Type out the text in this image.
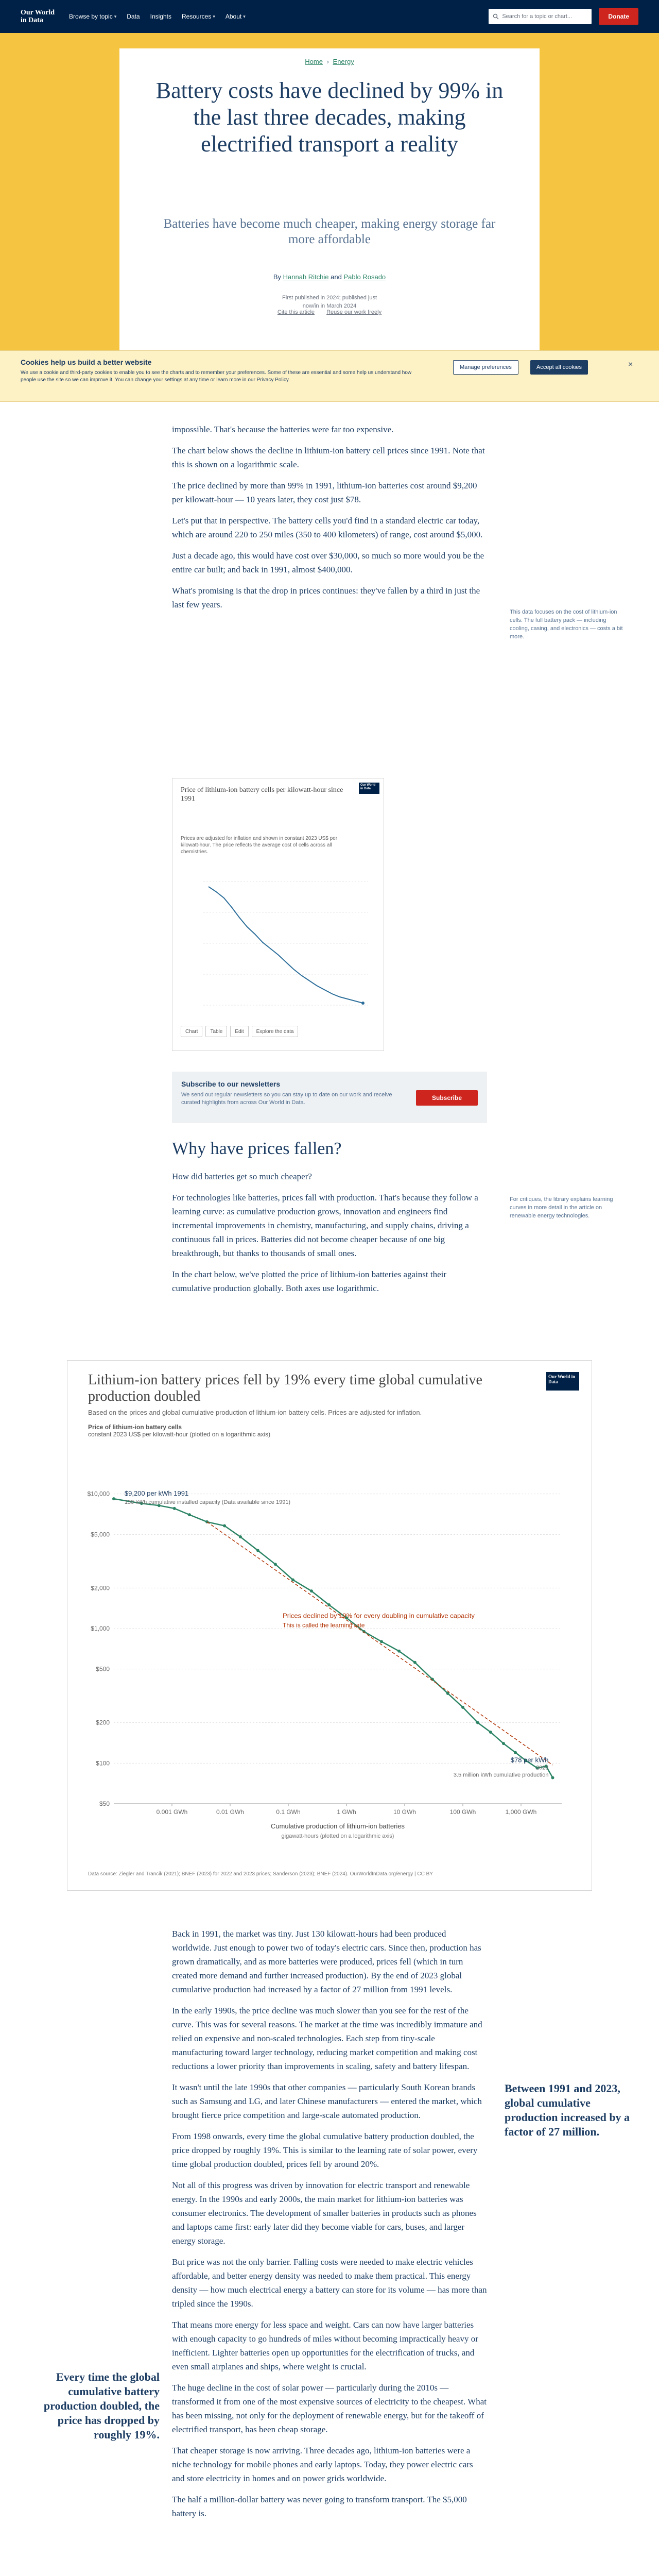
Our World
in Data	Browse by topic ▾ Data Insights Resources ▾ About ▾	Search for a topic or chart...	Donate
Home › Energy
Battery costs have declined by 99% in the last three decades, making electrified transport a reality
Batteries have become much cheaper, making energy storage far more affordable
By Hannah Ritchie and Pablo Rosado
First published in 2024; published just
now/in in March 2024
Cite this article Reuse our work freely
Cookies help us build a better website

We use a cookie and third-party cookies to enable you to see the charts and to remember your preferences. Some of these are essential and some help us understand how people use the site so we can improve it. You can change your settings at any time or learn more in our Privacy Policy.

Manage preferences	Accept all cookies	×

impossible. That's because the batteries were far too expensive.

The chart below shows the decline in lithium-ion battery cell prices since 1991. Note that this is shown on a logarithmic scale.

The price declined by more than 99% in 1991, lithium-ion batteries cost around $9,200 per kilowatt-hour — 10 years later, they cost just $78.

Let's put that in perspective. The battery cells you'd find in a standard electric car today, which are around 220 to 250 miles (350 to 400 kilometers) of range, cost around $5,000.

Just a decade ago, this would have cost over $30,000, so much so more would you be the entire car built; and back in 1991, almost $400,000.

What's promising is that the drop in prices continues: they've fallen by a third in just the last few years.

This data focuses on the cost of lithium-ion cells. The full battery pack — including cooling, casing, and electronics — costs a bit more.
Our World in Data
Price of lithium-ion battery cells per kilowatt-hour since 1991
Prices are adjusted for inflation and shown in constant 2023 US$ per kilowatt-hour. The price reflects the average cost of cells across all chemistries.
Chart	Table	Edit	Explore the data
Subscribe to our newsletters

We send out regular newsletters so you can stay up to date on our work and receive curated highlights from across Our World in Data.

Subscribe
Why have prices fallen?

How did batteries get so much cheaper?

For technologies like batteries, prices fall with production. That's because they follow a learning curve: as cumulative production grows, innovation and engineers find incremental improvements in chemistry, manufacturing, and supply chains, driving a continuous fall in prices. Batteries did not become cheaper because of one big breakthrough, but thanks to thousands of small ones.

In the chart below, we've plotted the price of lithium-ion batteries against their cumulative production globally. Both axes use logarithmic.

For critiques, the library explains learning curves in more detail in the article on renewable energy technologies.
Lithium-ion battery prices fell by 19% every time global cumulative production doubled
Our World in Data
Based on the prices and global cumulative production of lithium-ion battery cells. Prices are adjusted for inflation.
Price of lithium-ion battery cells
constant 2023 US$ per kilowatt-hour (plotted on a logarithmic axis)
$10,000
$5,000
$2,000
$1,000
$500
$200
$100
$50
0.001 GWh	0.01 GWh	0.1 GWh	1 GWh	10 GWh	100 GWh	1,000 GWh
$9,200 per kWh 1991
130 kWh cumulative installed capacity (Data available since 1991)
Prices declined by 19% for every doubling in cumulative capacity
This is called the learning rate
$78 per kWh
2023
3.5 million kWh cumulative production
Cumulative production of lithium-ion batteries
gigawatt-hours (plotted on a logarithmic axis)
Data source: Ziegler and Trancik (2021); BNEF (2023) for 2022 and 2023 prices; Sanderson (2023); BNEF (2024). OurWorldInData.org/energy | CC BY

Back in 1991, the market was tiny. Just 130 kilowatt-hours had been produced worldwide. Just enough to power two of today's electric cars. Since then, production has grown dramatically, and as more batteries were produced, prices fell (which in turn created more demand and further increased production). By the end of 2023 global cumulative production had increased by a factor of 27 million from 1991 levels.

In the early 1990s, the price decline was much slower than you see for the rest of the curve. This was for several reasons. The market at the time was incredibly immature and relied on expensive and non-scaled technologies. Each step from tiny-scale manufacturing toward larger technology, reducing market competition and making cost reductions a lower priority than improvements in scaling, safety and battery lifespan.

It wasn't until the late 1990s that other companies — particularly South Korean brands such as Samsung and LG, and later Chinese manufacturers — entered the market, which brought fierce price competition and large-scale automated production.

From 1998 onwards, every time the global cumulative battery production doubled, the price dropped by roughly 19%. This is similar to the learning rate of solar power, every time global production doubled, prices fell by around 20%.

Not all of this progress was driven by innovation for electric transport and renewable energy. In the 1990s and early 2000s, the main market for lithium-ion batteries was consumer electronics. The development of smaller batteries in products such as phones and laptops came first: early later did they become viable for cars, buses, and larger energy storage.

But price was not the only barrier. Falling costs were needed to make electric vehicles affordable, and better energy density was needed to make them practical. This energy density — how much electrical energy a battery can store for its volume — has more than tripled since the 1990s.

That means more energy for less space and weight. Cars can now have larger batteries with enough capacity to go hundreds of miles without becoming impractically heavy or inefficient. Lighter batteries open up opportunities for the electrification of trucks, and even small airplanes and ships, where weight is crucial.

The huge decline in the cost of solar power — particularly during the 2010s — transformed it from one of the most expensive sources of electricity to the cheapest. What has been missing, not only for the deployment of renewable energy, but for the takeoff of electrified transport, has been cheap storage.

That cheaper storage is now arriving. Three decades ago, lithium-ion batteries were a niche technology for mobile phones and early laptops. Today, they power electric cars and store electricity in homes and on power grids worldwide.

The half a million-dollar battery was never going to transform transport. The $5,000 battery is.

Between 1991 and 2023, global cumulative production increased by a factor of 27 million.
Every time the global cumulative battery production doubled, the price has dropped by roughly 19%.
